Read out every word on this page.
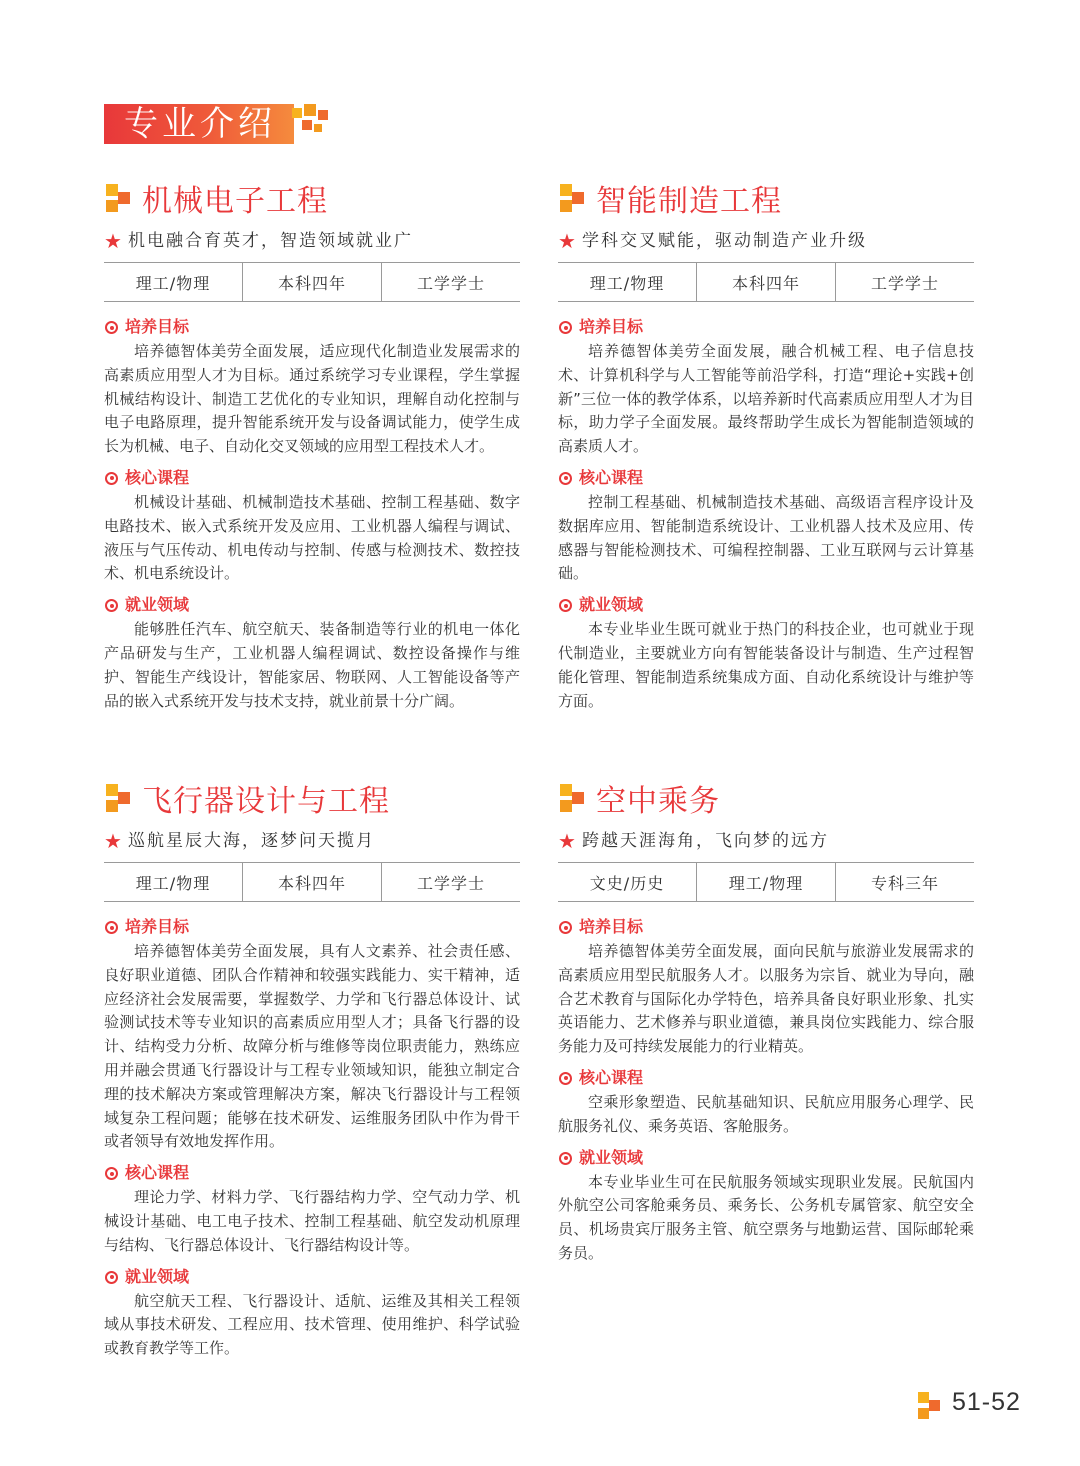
专业介绍
机械电子工程
★ 机电融合育英才，智造领域就业广
理工/物理	本科四年	工学学士
培养目标

培养德智体美劳全面发展，适应现代化制造业发展需求的高素质应用型人才为目标。通过系统学习专业课程，学生掌握机械结构设计、制造工艺优化的专业知识，理解自动化控制与电子电路原理，提升智能系统开发与设备调试能力，使学生成长为机械、电子、自动化交叉领域的应用型工程技术人才。

核心课程

机械设计基础、机械制造技术基础、控制工程基础、数字电路技术、嵌入式系统开发及应用、工业机器人编程与调试、液压与气压传动、机电传动与控制、传感与检测技术、数控技术、机电系统设计。

就业领域

能够胜任汽车、航空航天、装备制造等行业的机电一体化产品研发与生产，工业机器人编程调试、数控设备操作与维护、智能生产线设计，智能家居、物联网、人工智能设备等产品的嵌入式系统开发与技术支持，就业前景十分广阔。

智能制造工程
★ 学科交叉赋能，驱动制造产业升级
理工/物理	本科四年	工学学士
培养目标

培养德智体美劳全面发展，融合机械工程、电子信息技术、计算机科学与人工智能等前沿学科，打造“理论+实践+创新”三位一体的教学体系，以培养新时代高素质应用型人才为目标，助力学子全面发展。最终帮助学生成长为智能制造领域的高素质人才。

核心课程

控制工程基础、机械制造技术基础、高级语言程序设计及数据库应用、智能制造系统设计、工业机器人技术及应用、传感器与智能检测技术、可编程控制器、工业互联网与云计算基础。

就业领域

本专业毕业生既可就业于热门的科技企业，也可就业于现代制造业，主要就业方向有智能装备设计与制造、生产过程智能化管理、智能制造系统集成方面、自动化系统设计与维护等方面。

飞行器设计与工程
★ 巡航星辰大海，逐梦问天揽月
理工/物理	本科四年	工学学士
培养目标

培养德智体美劳全面发展，具有人文素养、社会责任感、良好职业道德、团队合作精神和较强实践能力、实干精神，适应经济社会发展需要，掌握数学、力学和飞行器总体设计、试验测试技术等专业知识的高素质应用型人才；具备飞行器的设计、结构受力分析、故障分析与维修等岗位职责能力，熟练应用并融会贯通飞行器设计与工程专业领域知识，能独立制定合理的技术解决方案或管理解决方案，解决飞行器设计与工程领域复杂工程问题；能够在技术研发、运维服务团队中作为骨干或者领导有效地发挥作用。

核心课程

理论力学、材料力学、飞行器结构力学、空气动力学、机械设计基础、电工电子技术、控制工程基础、航空发动机原理与结构、飞行器总体设计、飞行器结构设计等。

就业领域

航空航天工程、飞行器设计、适航、运维及其相关工程领域从事技术研发、工程应用、技术管理、使用维护、科学试验或教育教学等工作。

空中乘务
★ 跨越天涯海角，飞向梦的远方
文史/历史	理工/物理	专科三年
培养目标

培养德智体美劳全面发展，面向民航与旅游业发展需求的高素质应用型民航服务人才。以服务为宗旨、就业为导向，融合艺术教育与国际化办学特色，培养具备良好职业形象、扎实英语能力、艺术修养与职业道德，兼具岗位实践能力、综合服务能力及可持续发展能力的行业精英。

核心课程

空乘形象塑造、民航基础知识、民航应用服务心理学、民航服务礼仪、乘务英语、客舱服务。

就业领域

本专业毕业生可在民航服务领域实现职业发展。民航国内外航空公司客舱乘务员、乘务长、公务机专属管家、航空安全员、机场贵宾厅服务主管、航空票务与地勤运营、国际邮轮乘务员。

51-52
